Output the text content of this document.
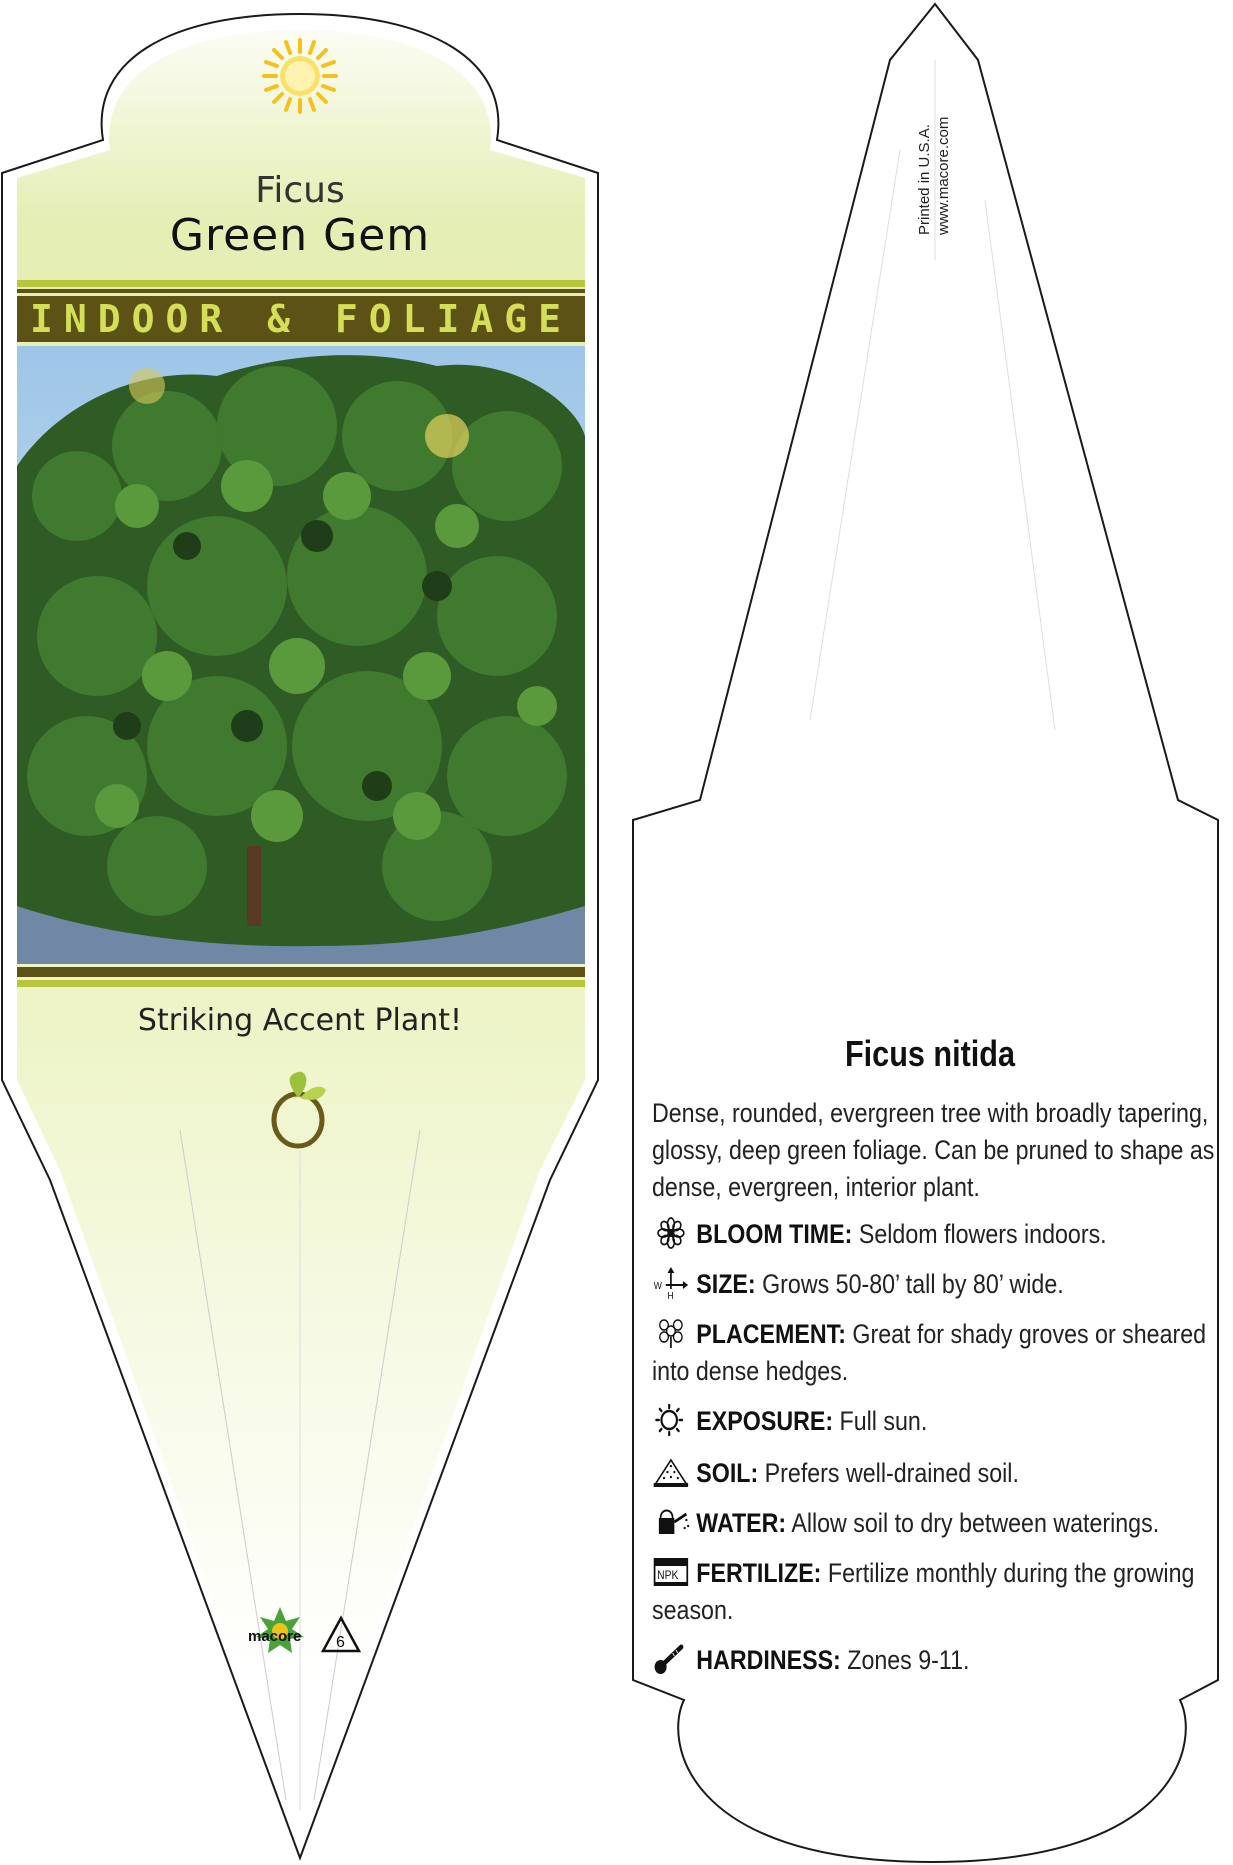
Ficus
Green Gem
INDOOR & FOLIAGE
Striking Accent Plant!
macore 6
Printed in U.S.A. www.macore.com
Ficus nitida
Dense, rounded, evergreen tree with broadly tapering, glossy, deep green foliage. Can be pruned to shape as dense, evergreen, interior plant.
BLOOM TIME: Seldom flowers indoors.
W
H SIZE: Grows 50-80’ tall by 80’ wide.
PLACEMENT: Great for shady groves or sheared into dense hedges.
EXPOSURE: Full sun.
SOIL: Prefers well-drained soil.
WATER: Allow soil to dry between waterings.
NPK FERTILIZE: Fertilize monthly during the growing season.
HARDINESS: Zones 9-11.
